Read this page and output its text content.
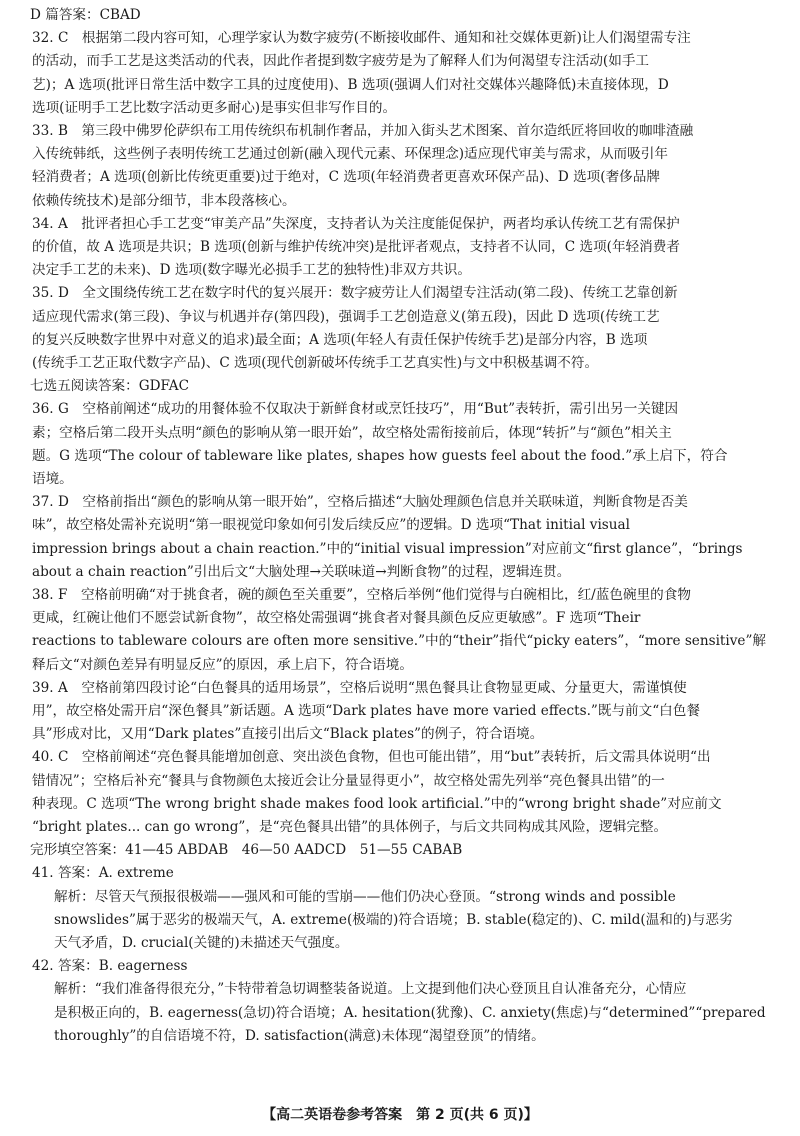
D 篇答案：CBAD
32. C　根据第二段内容可知，心理学家认为数字疲劳(不断接收邮件、通知和社交媒体更新)让人们渴望需专注
的活动，而手工艺是这类活动的代表，因此作者提到数字疲劳是为了解释人们为何渴望专注活动(如手工
艺)；A 选项(批评日常生活中数字工具的过度使用)、B 选项(强调人们对社交媒体兴趣降低)未直接体现，D
选项(证明手工艺比数字活动更多耐心)是事实但非写作目的。
33. B　第三段中佛罗伦萨织布工用传统织布机制作奢品，并加入街头艺术图案、首尔造纸匠将回收的咖啡渣融
入传统韩纸，这些例子表明传统工艺通过创新(融入现代元素、环保理念)适应现代审美与需求，从而吸引年
轻消费者；A 选项(创新比传统更重要)过于绝对，C 选项(年轻消费者更喜欢环保产品)、D 选项(奢侈品牌
依赖传统技术)是部分细节，非本段落核心。
34. A　批评者担心手工艺变“审美产品”失深度，支持者认为关注度能促保护，两者均承认传统工艺有需保护
的价值，故 A 选项是共识；B 选项(创新与维护传统冲突)是批评者观点，支持者不认同，C 选项(年轻消费者
决定手工艺的未来)、D 选项(数字曝光必损手工艺的独特性)非双方共识。
35. D　全文围绕传统工艺在数字时代的复兴展开：数字疲劳让人们渴望专注活动(第二段)、传统工艺靠创新
适应现代需求(第三段)、争议与机遇并存(第四段)，强调手工艺创造意义(第五段)，因此 D 选项(传统工艺
的复兴反映数字世界中对意义的追求)最全面；A 选项(年轻人有责任保护传统手艺)是部分内容，B 选项
(传统手工艺正取代数字产品)、C 选项(现代创新破坏传统手工艺真实性)与文中积极基调不符。
七选五阅读答案：GDFAC
36. G　空格前阐述“成功的用餐体验不仅取决于新鲜食材或烹饪技巧”，用“But”表转折，需引出另一关键因
素；空格后第二段开头点明“颜色的影响从第一眼开始”，故空格处需衔接前后，体现“转折”与“颜色”相关主
题。G 选项“The colour of tableware like plates, shapes how guests feel about the food.”承上启下，符合
语境。
37. D　空格前指出“颜色的影响从第一眼开始”，空格后描述“大脑处理颜色信息并关联味道，判断食物是否美
味”，故空格处需补充说明“第一眼视觉印象如何引发后续反应”的逻辑。D 选项“That initial visual
impression brings about a chain reaction.”中的“initial visual impression”对应前文“first glance”，“brings
about a chain reaction”引出后文“大脑处理→关联味道→判断食物”的过程，逻辑连贯。
38. F　空格前明确“对于挑食者，碗的颜色至关重要”，空格后举例“他们觉得与白碗相比，红/蓝色碗里的食物
更咸，红碗让他们不愿尝试新食物”，故空格处需强调“挑食者对餐具颜色反应更敏感”。F 选项“Their
reactions to tableware colours are often more sensitive.”中的“their”指代“picky eaters”，“more sensitive”解
释后文“对颜色差异有明显反应”的原因，承上启下，符合语境。
39. A　空格前第四段讨论“白色餐具的适用场景”，空格后说明“黑色餐具让食物显更咸、分量更大，需谨慎使
用”，故空格处需开启“深色餐具”新话题。A 选项“Dark plates have more varied effects.”既与前文“白色餐
具”形成对比，又用“Dark plates”直接引出后文“Black plates”的例子，符合语境。
40. C　空格前阐述“亮色餐具能增加创意、突出淡色食物，但也可能出错”，用“but”表转折，后文需具体说明“出
错情况”；空格后补充“餐具与食物颜色太接近会让分量显得更小”，故空格处需先列举“亮色餐具出错”的一
种表现。C 选项“The wrong bright shade makes food look artificial.”中的“wrong bright shade”对应前文
“bright plates... can go wrong”，是“亮色餐具出错”的具体例子，与后文共同构成其风险，逻辑完整。
完形填空答案：41—45 ABDAB　46—50 AADCD　51—55 CABAB
41. 答案：A. extreme
解析：尽管天气预报很极端——强风和可能的雪崩——他们仍决心登顶。“strong winds and possible
snowslides”属于恶劣的极端天气，A. extreme(极端的)符合语境；B. stable(稳定的)、C. mild(温和的)与恶劣
天气矛盾，D. crucial(关键的)未描述天气强度。
42. 答案：B. eagerness
解析：“我们准备得很充分，”卡特带着急切调整装备说道。上文提到他们决心登顶且自认准备充分，心情应
是积极正向的，B. eagerness(急切)符合语境；A. hesitation(犹豫)、C. anxiety(焦虑)与“determined”“prepared
thoroughly”的自信语境不符，D. satisfaction(满意)未体现“渴望登顶”的情绪。
【高二英语卷参考答案　第 2 页(共 6 页)】
